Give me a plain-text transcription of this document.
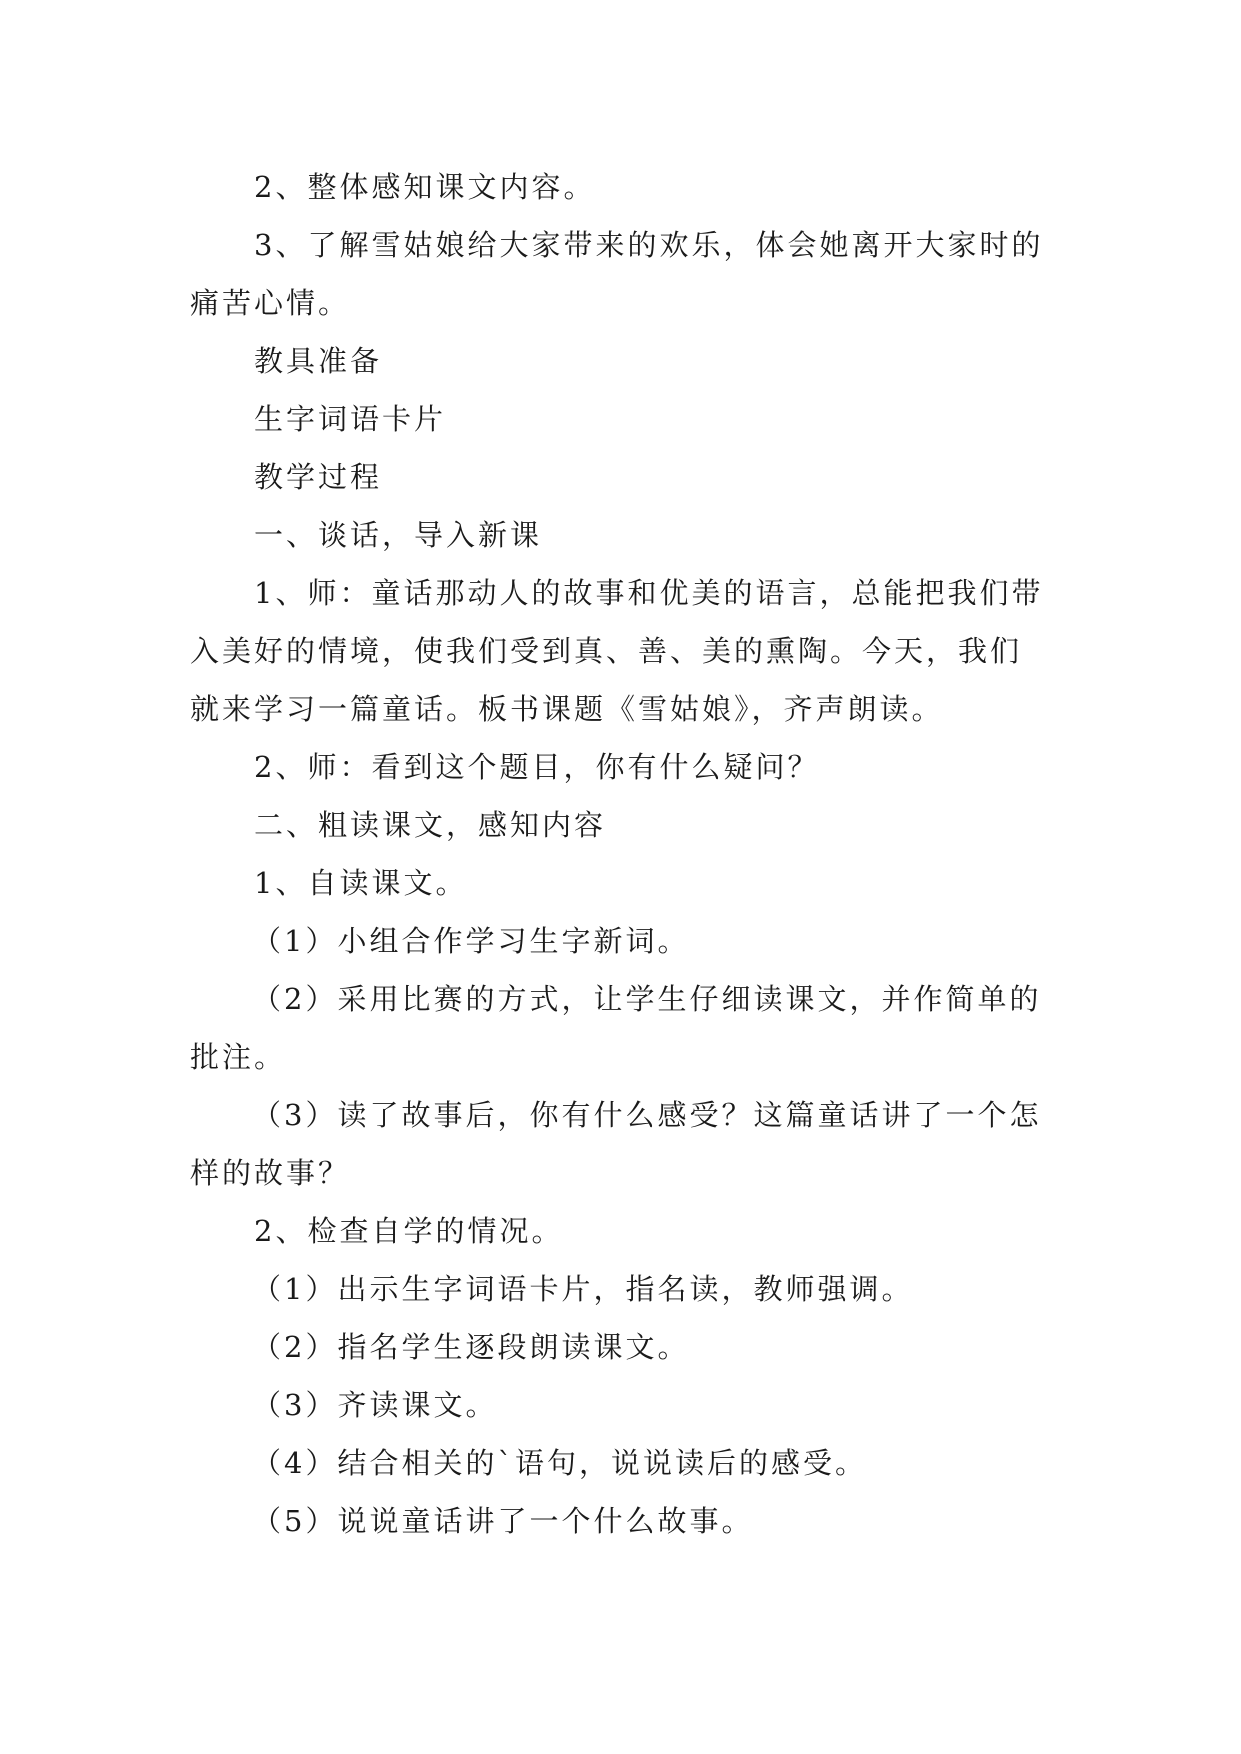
2、整体感知课文内容。

3、了解雪姑娘给大家带来的欢乐，体会她离开大家时的痛苦心情。

教具准备

生字词语卡片

教学过程

一、谈话，导入新课

1、师：童话那动人的故事和优美的语言，总能把我们带入美好的情境，使我们受到真、善、美的熏陶。今天，我们就来学习一篇童话。板书课题《雪姑娘》，齐声朗读。

2、师：看到这个题目，你有什么疑问？

二、粗读课文，感知内容

1、自读课文。

（1）小组合作学习生字新词。

（2）采用比赛的方式，让学生仔细读课文，并作简单的批注。

（3）读了故事后，你有什么感受？这篇童话讲了一个怎样的故事？

2、检查自学的情况。

（1）出示生字词语卡片，指名读，教师强调。

（2）指名学生逐段朗读课文。

（3）齐读课文。

（4）结合相关的`语句，说说读后的感受。

（5）说说童话讲了一个什么故事。
